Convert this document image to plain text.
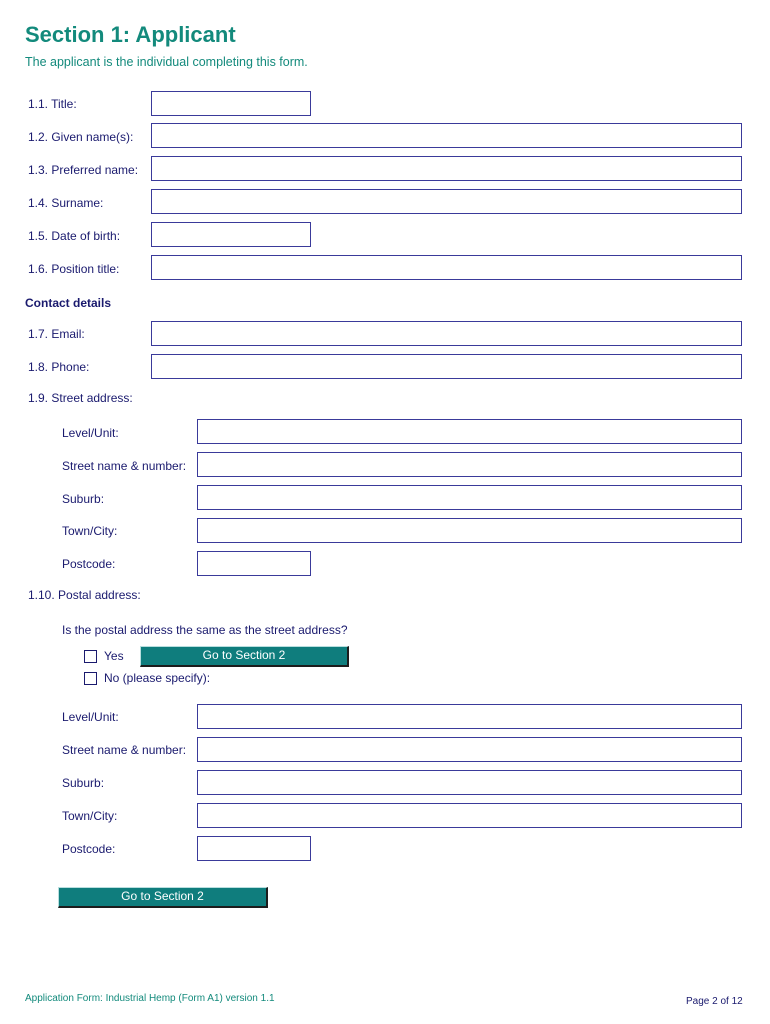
Section 1: Applicant
The applicant is the individual completing this form.
1.1. Title:
1.2. Given name(s):
1.3. Preferred name:
1.4. Surname:
1.5. Date of birth:
1.6. Position title:
Contact details
1.7. Email:
1.8. Phone:
1.9. Street address:
Level/Unit:
Street name & number:
Suburb:
Town/City:
Postcode:
1.10. Postal address:
Is the postal address the same as the street address?
Yes	Go to Section 2
No (please specify):
Level/Unit:
Street name & number:
Suburb:
Town/City:
Postcode:
Go to Section 2
Application Form: Industrial Hemp (Form A1) version 1.1	Page 2 of 12
